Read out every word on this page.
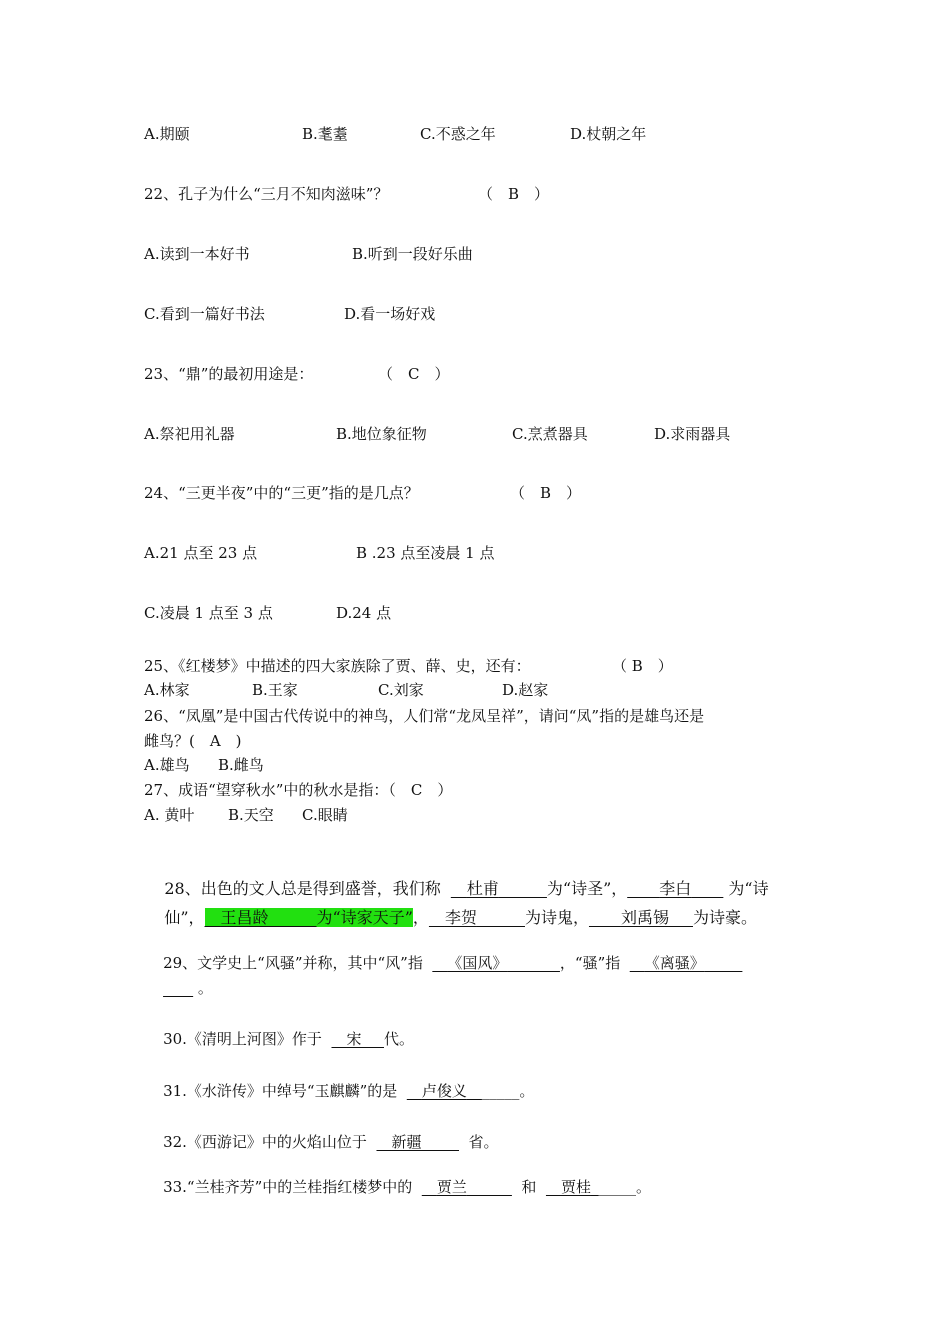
A.期颐	B.耄耋	C.不惑之年	D.杖朝之年
22、孔子为什么“三月不知肉滋味”？	（　B　）
A.读到一本好书	B.听到一段好乐曲
C.看到一篇好书法	D.看一场好戏
23、“鼎”的最初用途是：	（　C　）
A.祭祀用礼器	B.地位象征物	C.烹煮器具	D.求雨器具
24、“三更半夜”中的“三更”指的是几点？	（　B　）
A.21 点至 23 点	B .23 点至凌晨 1 点
C.凌晨 1 点至 3 点	D.24 点
25、《红楼梦》中描述的四大家族除了贾、薛、史，还有：	（ B　）
A.林家	B.王家	C.刘家	D.赵家
26、“凤凰”是中国古代传说中的神鸟，人们常“龙凤呈祥”，请问“凤”指的是雄鸟还是
雌鸟？(　A　)
A.雄鸟 B.雌鸟
27、成语“望穿秋水”中的秋水是指：（　C　）
A. 黄叶 B.天空 C.眼睛

28、出色的文人总是得到盛誉，我们称 __杜甫______为“诗圣”，____李白____ 为“诗

仙”，__王昌龄______为“诗家天子”，__李贺______为诗鬼，____刘禹锡___为诗豪。

29、文学史上“风骚”并称，其中“风”指 __《国风》_______，“骚”指 __《离骚》_____

____ 。

30.《清明上河图》作于 __宋___代。

31.《水浒传》中绰号“玉麒麟”的是 __卢俊义_______。

32.《西游记》中的火焰山位于 __新疆_____ 省。

33.“兰桂齐芳”中的兰桂指红楼梦中的 __贾兰______ 和 __贾桂______。
